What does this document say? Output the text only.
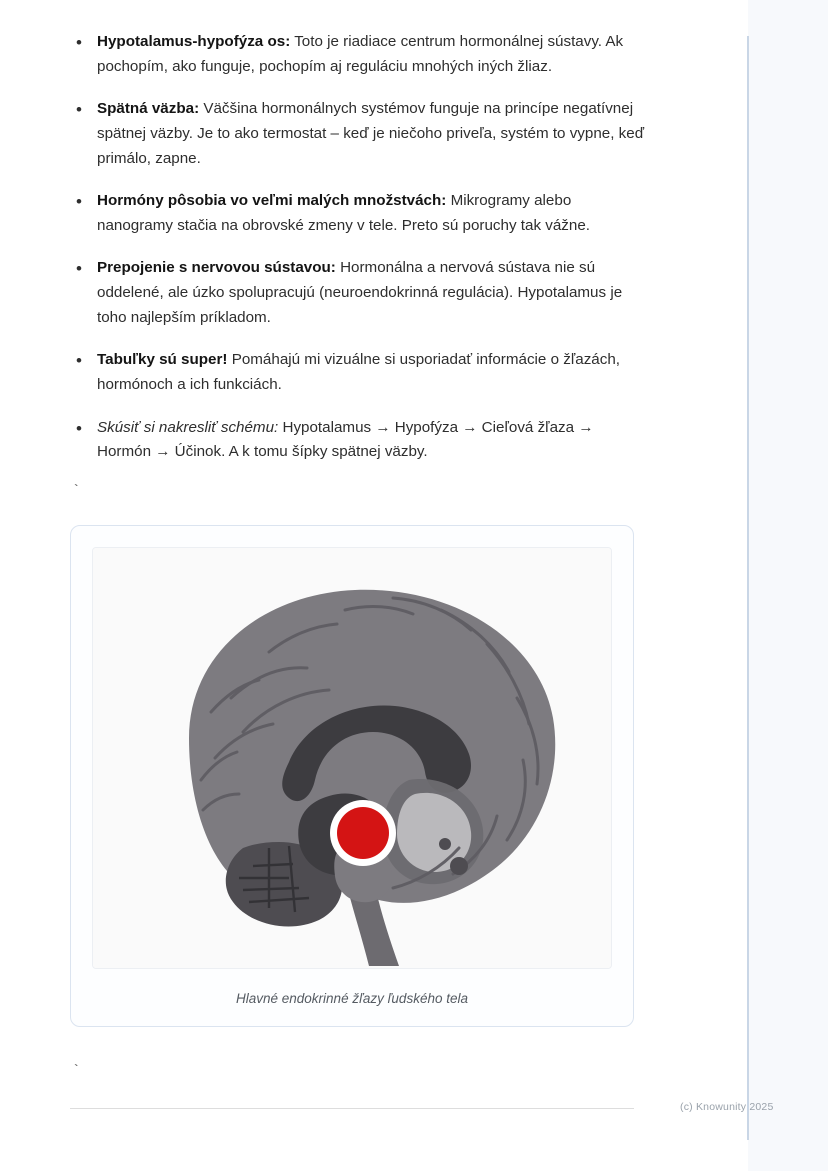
• Hypotalamus-hypofýza os: Toto je riadiace centrum hormonálnej sústavy. Ak pochopím, ako funguje, pochopím aj reguláciu mnohých iných žliaz.
• Spätná väzba: Väčšina hormonálnych systémov funguje na princípe negatívnej spätnej väzby. Je to ako termostat – keď je niečoho priveľa, systém to vypne, keď primálo, zapne.
• Hormóny pôsobia vo veľmi malých množstvách: Mikrogramy alebo nanogramy stačia na obrovské zmeny v tele. Preto sú poruchy tak vážne.
• Prepojenie s nervovou sústavou: Hormonálna a nervová sústava nie sú oddelené, ale úzko spolupracujú (neuroendokrinná regulácia). Hypotalamus je toho najlepším príkladom.
• Tabuľky sú super! Pomáhajú mi vizuálne si usporiadať informácie o žľazách, hormónoch a ich funkciách.
• Skúsiť si nakresliť schému: Hypotalamus → Hypofýza → Cieľová žľaza → Hormón → Účinok. A k tomu šípky spätnej väzby.
`
Hlavné endokrinné žľazy ľudského tela
`
(c) Knowunity 2025
